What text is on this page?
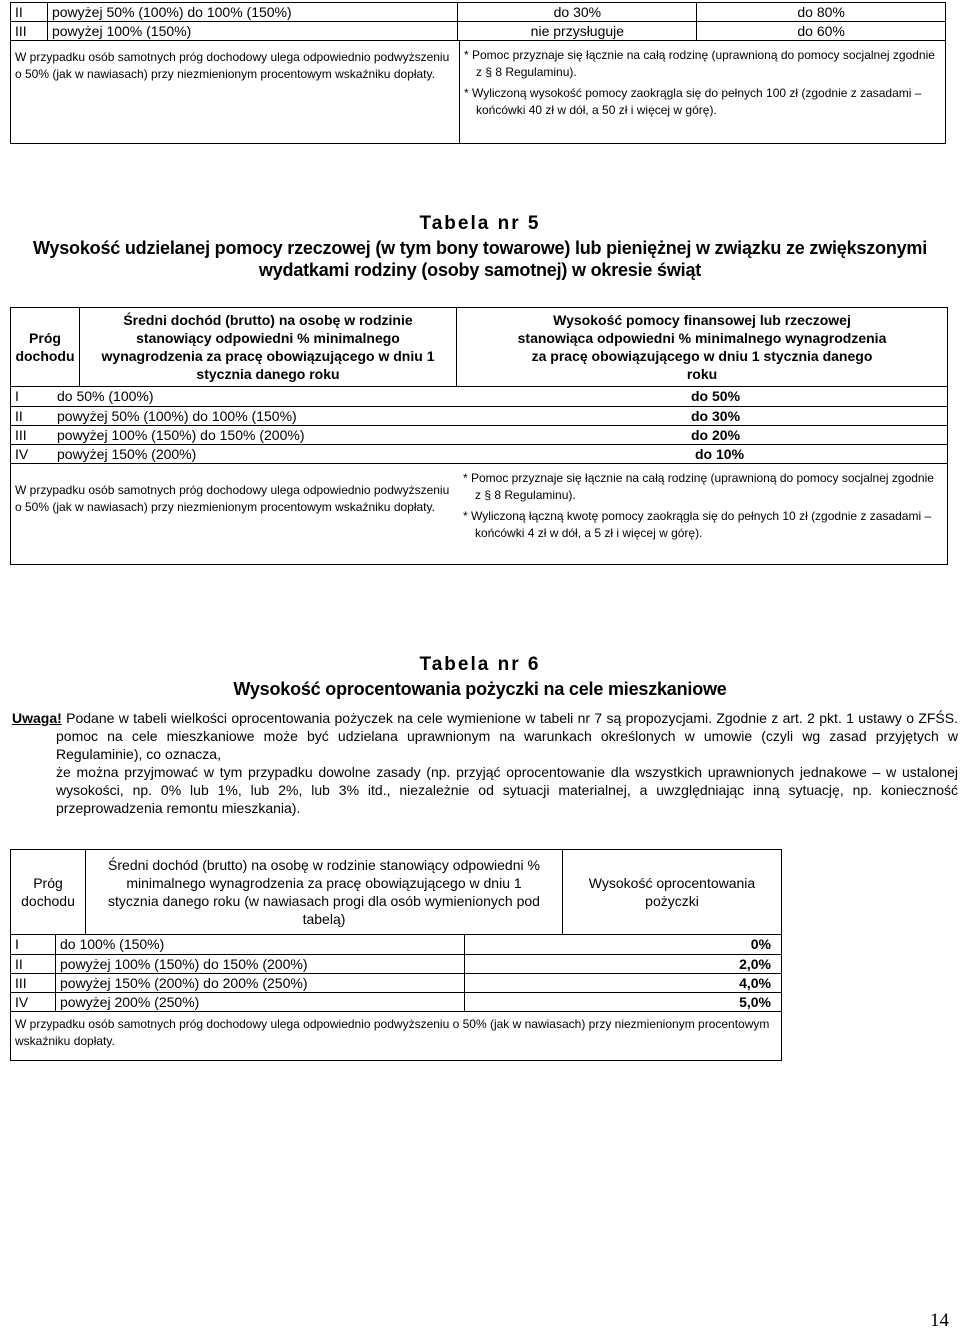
II	powyżej 50% (100%) do 100% (150%)	do 30%	do 80%
III	powyżej 100% (150%)	nie przysługuje	do 60%
W przypadku osób samotnych próg dochodowy ulega odpowiednio podwyższeniu o 50% (jak w nawiasach) przy niezmienionym procentowym wskaźniku dopłaty.	
* Pomoc przyznaje się łącznie na całą rodzinę (uprawnioną do pomocy socjalnej zgodnie z § 8 Regulaminu).
* Wyliczoną wysokość pomocy zaokrągla się do pełnych 100 zł (zgodnie z zasadami – końcówki 40 zł w dół, a 50 zł i więcej w górę).
Tabela nr 5
Wysokość udzielanej pomocy rzeczowej (w tym bony towarowe) lub pieniężnej w związku ze zwiększonymi wydatkami rodziny (osoby samotnej) w okresie świąt
Próg dochodu	Średni dochód (brutto) na osobę w rodzinie stanowiący odpowiedni % minimalnego wynagrodzenia za pracę obowiązującego w dniu 1 stycznia danego roku	Wysokość pomocy finansowej lub rzeczowej stanowiąca odpowiedni % minimalnego wynagrodzenia za pracę obowiązującego w dniu 1 stycznia danego roku
I	do 50% (100%)	do 50%
II	powyżej 50% (100%) do 100% (150%)	do 30%
III	powyżej 100% (150%) do 150% (200%)	do 20%
IV	powyżej 150% (200%)	do 10%
W przypadku osób samotnych próg dochodowy ulega odpowiednio podwyższeniu o 50% (jak w nawiasach) przy niezmienionym procentowym wskaźniku dopłaty.	
* Pomoc przyznaje się łącznie na całą rodzinę (uprawnioną do pomocy socjalnej zgodnie z § 8 Regulaminu).
* Wyliczoną łączną kwotę pomocy zaokrągla się do pełnych 10 zł (zgodnie z zasadami – końcówki 4 zł w dół, a 5 zł i więcej w górę).
Tabela nr 6
Wysokość oprocentowania pożyczki na cele mieszkaniowe
Uwaga! Podane w tabeli wielkości oprocentowania pożyczek na cele wymienione w tabeli nr 7 są propozycjami. Zgodnie z art. 2 pkt. 1 ustawy o ZFŚS. pomoc na cele mieszkaniowe może być udzielana uprawnionym na warunkach określonych w umowie (czyli wg zasad przyjętych w Regulaminie), co oznacza,
że można przyjmować w tym przypadku dowolne zasady (np. przyjąć oprocentowanie dla wszystkich uprawnionych jednakowe – w ustalonej wysokości, np. 0% lub 1%, lub 2%, lub 3% itd., niezależnie od sytuacji materialnej, a uwzględniając inną sytuację, np. konieczność przeprowadzenia remontu mieszkania).
Próg dochodu	Średni dochód (brutto) na osobę w rodzinie stanowiący odpowiedni % minimalnego wynagrodzenia za pracę obowiązującego w dniu 1 stycznia danego roku (w nawiasach progi dla osób wymienionych pod tabelą)	Wysokość oprocentowania pożyczki
I	do 100% (150%)	0%
II	powyżej 100% (150%) do 150% (200%)	2,0%
III	powyżej 150% (200%) do 200% (250%)	4,0%
IV	powyżej 200% (250%)	5,0%
W przypadku osób samotnych próg dochodowy ulega odpowiednio podwyższeniu o 50% (jak w nawiasach) przy niezmienionym procentowym wskaźniku dopłaty.
14
